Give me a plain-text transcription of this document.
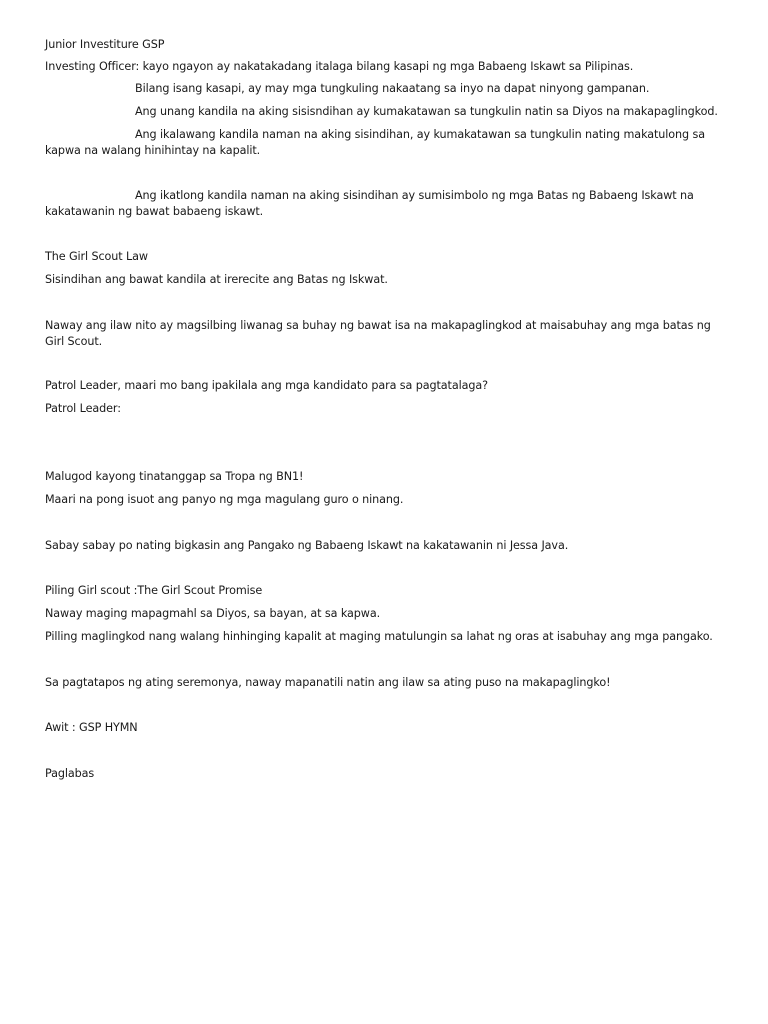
Junior Investiture GSP
Investing Officer: kayo ngayon ay nakatakadang italaga bilang kasapi ng mga Babaeng Iskawt sa Pilipinas.
Bilang isang kasapi, ay may mga tungkuling nakaatang sa inyo na dapat ninyong gampanan.
Ang unang kandila na aking sisisndihan ay kumakatawan sa tungkulin natin sa Diyos na makapaglingkod.
Ang ikalawang kandila naman na aking sisindihan, ay kumakatawan sa tungkulin nating makatulong sa kapwa na walang hinihintay na kapalit.
Ang ikatlong kandila naman na aking sisindihan ay sumisimbolo ng mga Batas ng Babaeng Iskawt na kakatawanin ng bawat babaeng iskawt.
The Girl Scout Law
Sisindihan ang bawat kandila at irerecite ang Batas ng Iskwat.
Naway ang ilaw nito ay magsilbing liwanag sa buhay ng bawat isa na makapaglingkod at maisabuhay ang mga batas ng Girl Scout.
Patrol Leader, maari mo bang ipakilala ang mga kandidato para sa pagtatalaga?
Patrol Leader:
Malugod kayong tinatanggap sa Tropa ng BN1!
Maari na pong isuot ang panyo ng mga magulang guro o ninang.
Sabay sabay po nating bigkasin ang Pangako ng Babaeng Iskawt na kakatawanin ni Jessa Java.
Piling Girl scout :The Girl Scout Promise
Naway maging mapagmahl sa Diyos, sa bayan, at sa kapwa.
Pilling maglingkod nang walang hinhinging kapalit at maging matulungin sa lahat ng oras at isabuhay ang mga pangako.
Sa pagtatapos ng ating seremonya, naway mapanatili natin ang ilaw sa ating puso na makapaglingko!
Awit : GSP HYMN
Paglabas
